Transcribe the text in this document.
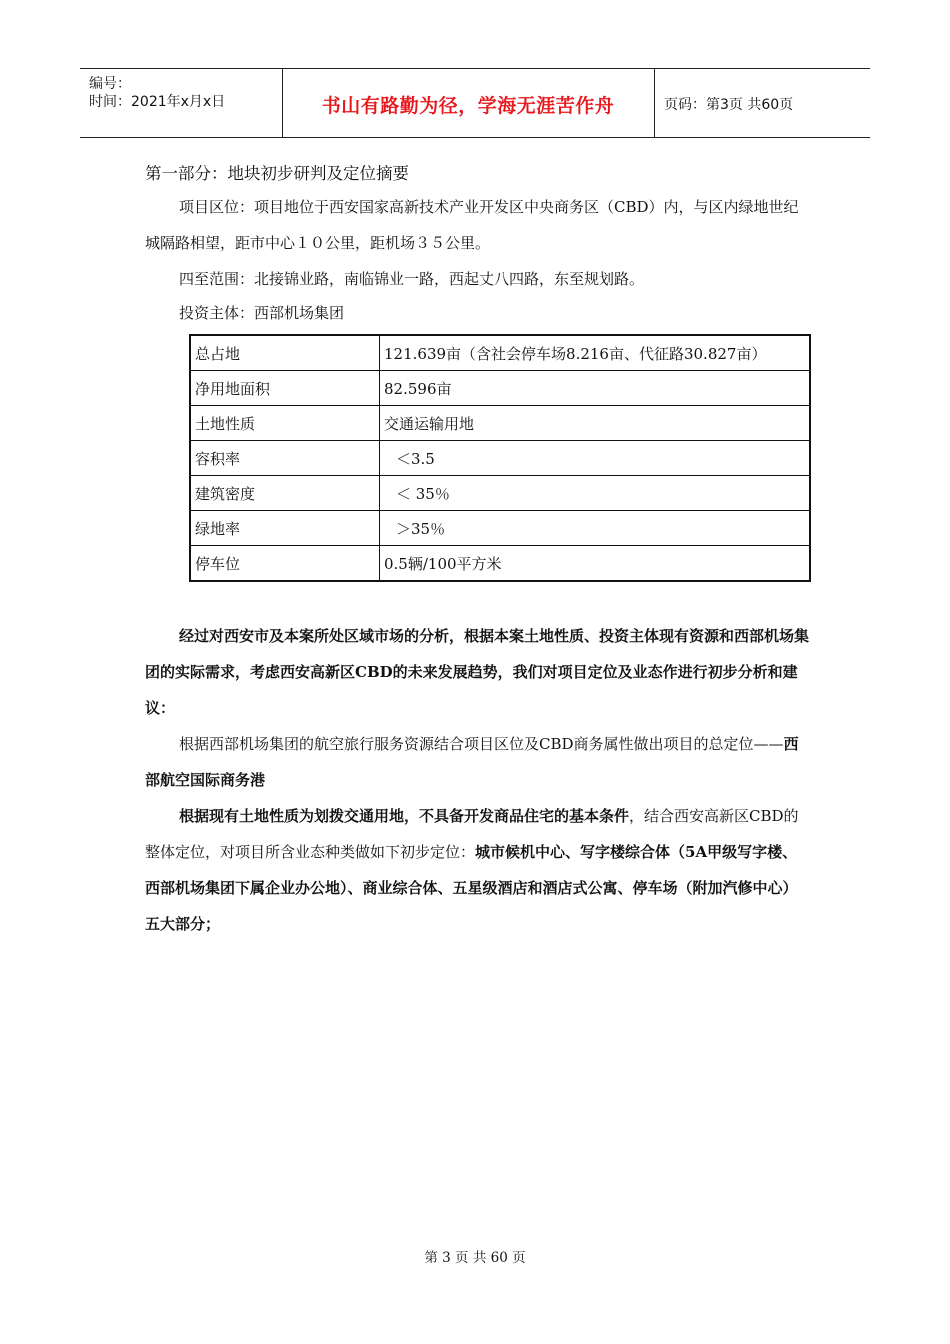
编号：
时间：2021年x月x日	书山有路勤为径，学海无涯苦作舟	页码：第3页 共60页
第一部分：地块初步研判及定位摘要

项目区位：项目地位于西安国家高新技术产业开发区中央商务区（CBD）内，与区内绿地世纪城隔路相望，距市中心１０公里，距机场３５公里。

四至范围：北接锦业路，南临锦业一路，西起丈八四路，东至规划路。

投资主体：西部机场集团

总占地	121.639亩（含社会停车场8.216亩、代征路30.827亩）
净用地面积	82.596亩
土地性质	交通运输用地
容积率	＜3.5
建筑密度	＜ 35％
绿地率	＞35％
停车位	0.5辆/100平方米

经过对西安市及本案所处区域市场的分析，根据本案土地性质、投资主体现有资源和西部机场集团的实际需求，考虑西安高新区CBD的未来发展趋势，我们对项目定位及业态作进行初步分析和建议：

根据西部机场集团的航空旅行服务资源结合项目区位及CBD商务属性做出项目的总定位——西部航空国际商务港

根据现有土地性质为划拨交通用地，不具备开发商品住宅的基本条件，结合西安高新区CBD的整体定位，对项目所含业态种类做如下初步定位：城市候机中心、写字楼综合体（5A甲级写字楼、西部机场集团下属企业办公地）、商业综合体、五星级酒店和酒店式公寓、停车场（附加汽修中心）五大部分；

第 3 页 共 60 页
